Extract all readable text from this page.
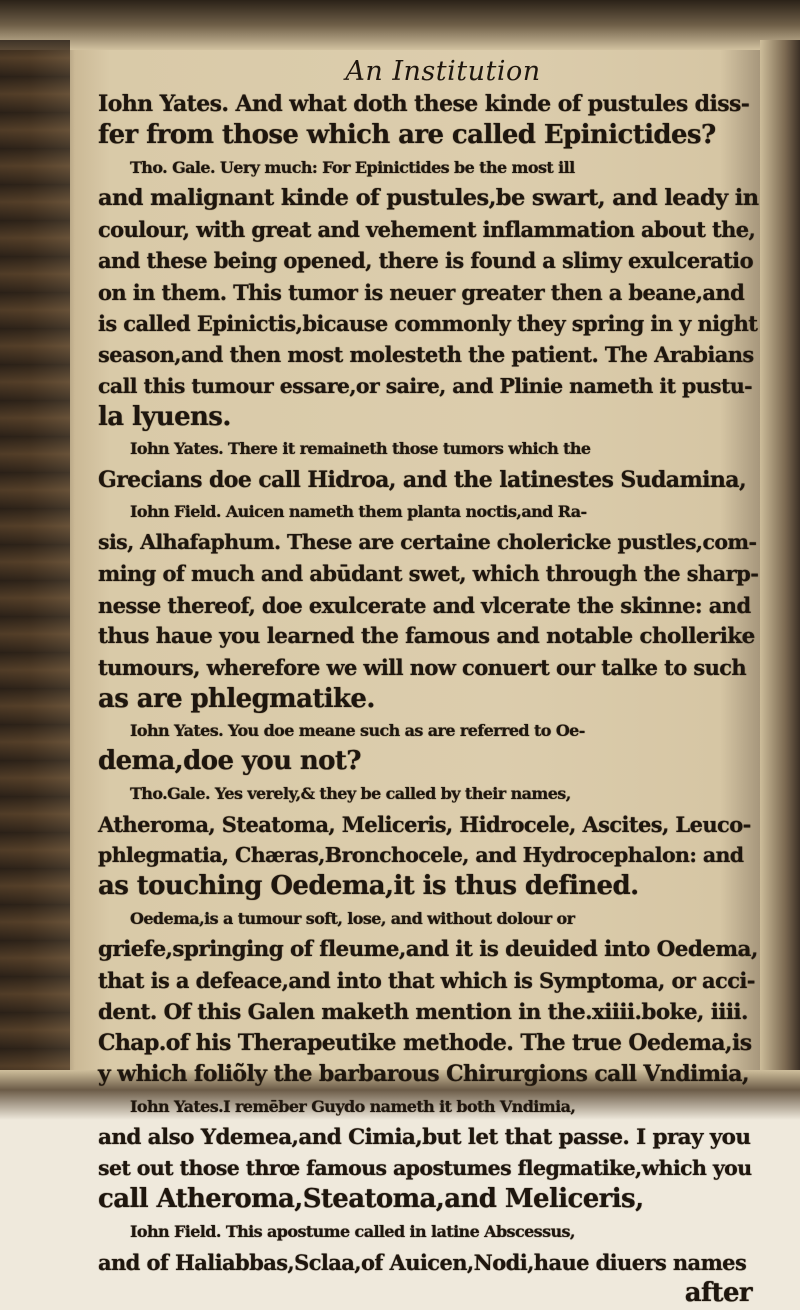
An Institution
Iohn Yates. And what doth these kinde of pustules diss-
fer from those which are called Epinictides?
Tho. Gale. Uery much: For Epinictides be the most ill
and malignant kinde of pustules,be swart, and leady in
coulour, with great and vehement inflammation about the,
and these being opened, there is found a slimy exulceratio
on in them. This tumor is neuer greater then a beane,and
is called Epinictis,bicause commonly they spring in y night
season,and then most molesteth the patient. The Arabians
call this tumour essare,or saire, and Plinie nameth it pustu-
la lyuens.
Iohn Yates. There it remaineth those tumors which the
Grecians doe call Hidroa, and the latinestes Sudamina,
Iohn Field. Auicen nameth them planta noctis,and Ra-
sis, Alhafaphum. These are certaine cholericke pustles,com-
ming of much and abūdant swet, which through the sharp-
nesse thereof, doe exulcerate and vlcerate the skinne: and
thus haue you learned the famous and notable chollerike
tumours, wherefore we will now conuert our talke to such
as are phlegmatike.
Iohn Yates. You doe meane such as are referred to Oe-
dema,doe you not?
Tho.Gale. Yes verely,& they be called by their names,
Atheroma, Steatoma, Meliceris, Hidrocele, Ascites, Leuco-
phlegmatia, Chæras,Bronchocele, and Hydrocephalon: and
as touching Oedema,it is thus defined.
Oedema,is a tumour soft, lose, and without dolour or
griefe,springing of fleume,and it is deuided into Oedema,
that is a defeace,and into that which is Symptoma, or acci-
dent. Of this Galen maketh mention in the.xiiii.boke, iiii.
Chap.of his Therapeutike methode. The true Oedema,is
y which foliõly the barbarous Chirurgions call Vndimia,
Iohn Yates.I remēber Guydo nameth it both Vndimia,
and also Ydemea,and Cimia,but let that passe. I pray you
set out those thrœ famous apostumes flegmatike,which you
call Atheroma,Steatoma,and Meliceris,
Iohn Field. This apostume called in latine Abscessus,
and of Haliabbas,Sclaa,of Auicen,Nodi,haue diuers names
after
